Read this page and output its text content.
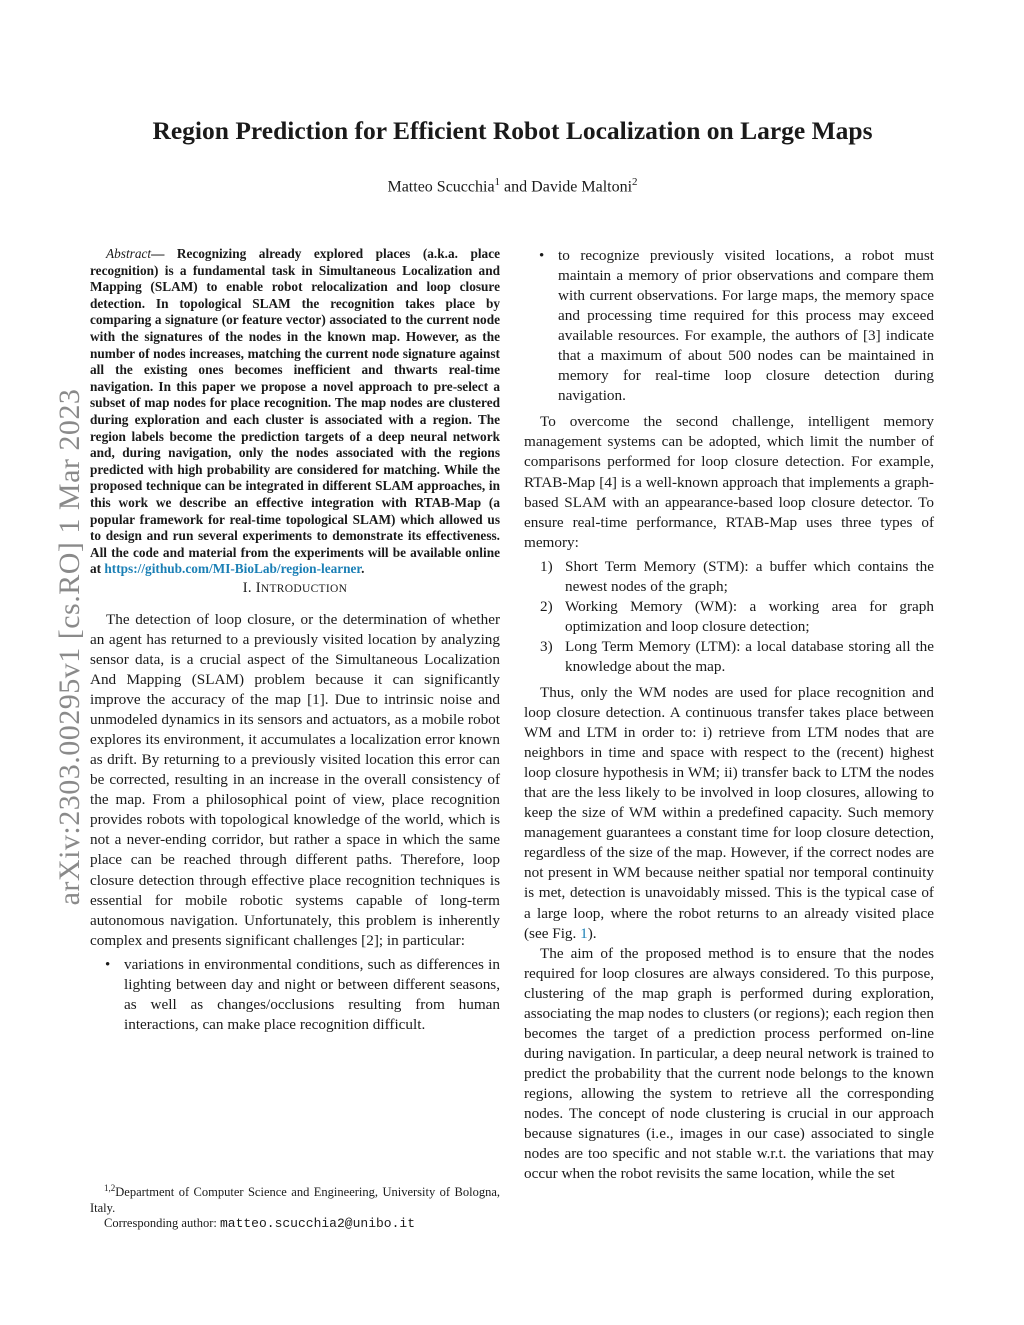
arXiv:2303.00295v1 [cs.RO] 1 Mar 2023
Region Prediction for Efficient Robot Localization on Large Maps
Matteo Scucchia$^1$ and Davide Maltoni$^2$

Abstract— Recognizing already explored places (a.k.a. place recognition) is a fundamental task in Simultaneous Localization and Mapping (SLAM) to enable robot relocalization and loop closure detection. In topological SLAM the recognition takes place by comparing a signature (or feature vector) associated to the current node with the signatures of the nodes in the known map. However, as the number of nodes increases, matching the current node signature against all the existing ones becomes inefficient and thwarts real-time navigation. In this paper we propose a novel approach to pre-select a subset of map nodes for place recognition. The map nodes are clustered during exploration and each cluster is associated with a region. The region labels become the prediction targets of a deep neural network and, during navigation, only the nodes associated with the regions predicted with high probability are considered for matching. While the proposed technique can be integrated in different SLAM approaches, in this work we describe an effective integration with RTAB-Map (a popular framework for real-time topological SLAM) which allowed us to design and run several experiments to demonstrate its effectiveness. All the code and material from the experiments will be available online at https://github.com/MI-BioLab/region-learner.

I. INTRODUCTION

The detection of loop closure, or the determination of whether an agent has returned to a previously visited location by analyzing sensor data, is a crucial aspect of the Simultaneous Localization And Mapping (SLAM) problem because it can significantly improve the accuracy of the map [1]. Due to intrinsic noise and unmodeled dynamics in its sensors and actuators, as a mobile robot explores its environment, it accumulates a localization error known as drift. By returning to a previously visited location this error can be corrected, resulting in an increase in the overall consistency of the map. From a philosophical point of view, place recognition provides robots with topological knowledge of the world, which is not a never-ending corridor, but rather a space in which the same place can be reached through different paths. Therefore, loop closure detection through effective place recognition techniques is essential for mobile robotic systems capable of long-term autonomous navigation. Unfortunately, this problem is inherently complex and presents significant challenges [2]; in particular:

• variations in environmental conditions, such as differences in lighting between day and night or between different seasons, as well as changes/occlusions resulting from human interactions, can make place recognition difficult.

$^{1,2}$Department of Computer Science and Engineering, University of Bologna, Italy.

Corresponding author: matteo.scucchia2@unibo.it

• to recognize previously visited locations, a robot must maintain a memory of prior observations and compare them with current observations. For large maps, the memory space and processing time required for this process may exceed available resources. For example, the authors of [3] indicate that a maximum of about 500 nodes can be maintained in memory for real-time loop closure detection during navigation.

To overcome the second challenge, intelligent memory management systems can be adopted, which limit the number of comparisons performed for loop closure detection. For example, RTAB-Map [4] is a well-known approach that implements a graph-based SLAM with an appearance-based loop closure detector. To ensure real-time performance, RTAB-Map uses three types of memory:

1) Short Term Memory (STM): a buffer which contains the newest nodes of the graph;
2) Working Memory (WM): a working area for graph optimization and loop closure detection;
3) Long Term Memory (LTM): a local database storing all the knowledge about the map.

Thus, only the WM nodes are used for place recognition and loop closure detection. A continuous transfer takes place between WM and LTM in order to: i) retrieve from LTM nodes that are neighbors in time and space with respect to the (recent) highest loop closure hypothesis in WM; ii) transfer back to LTM the nodes that are the less likely to be involved in loop closures, allowing to keep the size of WM within a predefined capacity. Such memory management guarantees a constant time for loop closure detection, regardless of the size of the map. However, if the correct nodes are not present in WM because neither spatial nor temporal continuity is met, detection is unavoidably missed. This is the typical case of a large loop, where the robot returns to an already visited place (see Fig. 1).

The aim of the proposed method is to ensure that the nodes required for loop closures are always considered. To this purpose, clustering of the map graph is performed during exploration, associating the map nodes to clusters (or regions); each region then becomes the target of a prediction process performed on-line during navigation. In particular, a deep neural network is trained to predict the probability that the current node belongs to the known regions, allowing the system to retrieve all the corresponding nodes. The concept of node clustering is crucial in our approach because signatures (i.e., images in our case) associated to single nodes are too specific and not stable w.r.t. the variations that may occur when the robot revisits the same location, while the set
